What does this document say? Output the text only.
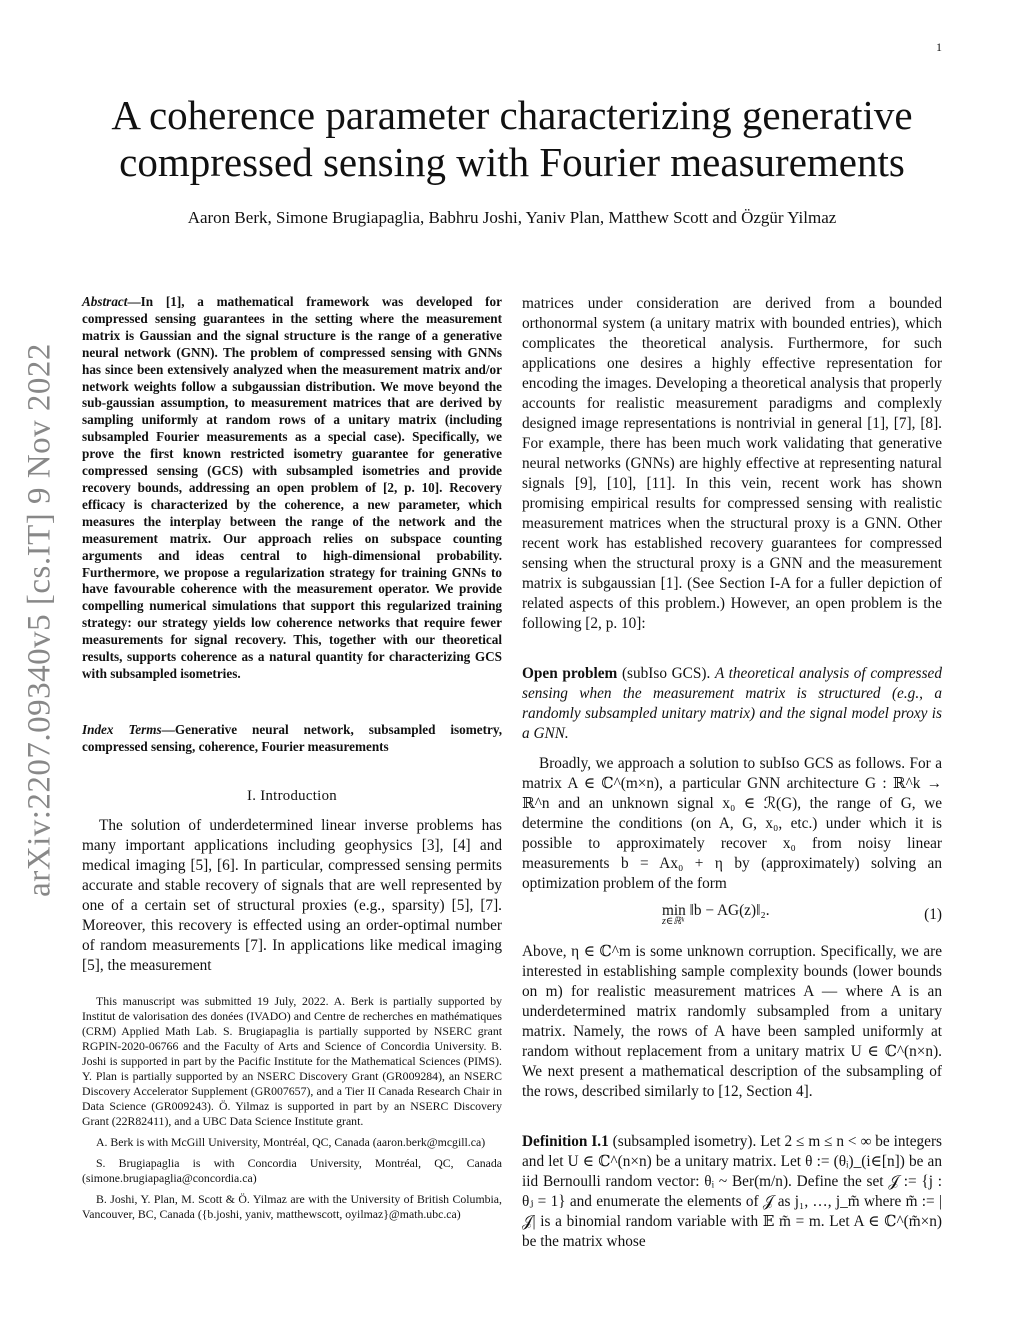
1
arXiv:2207.09340v5 [cs.IT] 9 Nov 2022
A coherence parameter characterizing generative
compressed sensing with Fourier measurements
Aaron Berk, Simone Brugiapaglia, Babhru Joshi, Yaniv Plan, Matthew Scott and Özgür Yilmaz
Abstract—In [1], a mathematical framework was developed for compressed sensing guarantees in the setting where the measurement matrix is Gaussian and the signal structure is the range of a generative neural network (GNN). The problem of compressed sensing with GNNs has since been extensively analyzed when the measurement matrix and/or network weights follow a subgaussian distribution. We move beyond the sub-gaussian assumption, to measurement matrices that are derived by sampling uniformly at random rows of a unitary matrix (including subsampled Fourier measurements as a special case). Specifically, we prove the first known restricted isometry guarantee for generative compressed sensing (GCS) with subsampled isometries and provide recovery bounds, addressing an open problem of [2, p. 10]. Recovery efficacy is characterized by the coherence, a new parameter, which measures the interplay between the range of the network and the measurement matrix. Our approach relies on subspace counting arguments and ideas central to high-dimensional probability. Furthermore, we propose a regularization strategy for training GNNs to have favourable coherence with the measurement operator. We provide compelling numerical simulations that support this regularized training strategy: our strategy yields low coherence networks that require fewer measurements for signal recovery. This, together with our theoretical results, supports coherence as a natural quantity for characterizing GCS with subsampled isometries.
Index Terms—Generative neural network, subsampled isometry, compressed sensing, coherence, Fourier measurements
I. Introduction

The solution of underdetermined linear inverse problems has many important applications including geophysics [3], [4] and medical imaging [5], [6]. In particular, compressed sensing permits accurate and stable recovery of signals that are well represented by one of a certain set of structural proxies (e.g., sparsity) [5], [7]. Moreover, this recovery is effected using an order-optimal number of random measurements [7]. In applications like medical imaging [5], the measurement

This manuscript was submitted 19 July, 2022. A. Berk is partially supported by Institut de valorisation des donées (IVADO) and Centre de recherches en mathématiques (CRM) Applied Math Lab. S. Brugiapaglia is partially supported by NSERC grant RGPIN-2020-06766 and the Faculty of Arts and Science of Concordia University. B. Joshi is supported in part by the Pacific Institute for the Mathematical Sciences (PIMS). Y. Plan is partially supported by an NSERC Discovery Grant (GR009284), an NSERC Discovery Accelerator Supplement (GR007657), and a Tier II Canada Research Chair in Data Science (GR009243). Ö. Yilmaz is supported in part by an NSERC Discovery Grant (22R82411), and a UBC Data Science Institute grant.

A. Berk is with McGill University, Montréal, QC, Canada (aaron.berk@mcgill.ca)

S. Brugiapaglia is with Concordia University, Montréal, QC, Canada (simone.brugiapaglia@concordia.ca)

B. Joshi, Y. Plan, M. Scott & Ö. Yilmaz are with the University of British Columbia, Vancouver, BC, Canada ({b.joshi, yaniv, matthewscott, oyilmaz}@math.ubc.ca)

matrices under consideration are derived from a bounded orthonormal system (a unitary matrix with bounded entries), which complicates the theoretical analysis. Furthermore, for such applications one desires a highly effective representation for encoding the images. Developing a theoretical analysis that properly accounts for realistic measurement paradigms and complexly designed image representations is nontrivial in general [1], [7], [8]. For example, there has been much work validating that generative neural networks (GNNs) are highly effective at representing natural signals [9], [10], [11]. In this vein, recent work has shown promising empirical results for compressed sensing with realistic measurement matrices when the structural proxy is a GNN. Other recent work has established recovery guarantees for compressed sensing when the structural proxy is a GNN and the measurement matrix is subgaussian [1]. (See Section I-A for a fuller depiction of related aspects of this problem.) However, an open problem is the following [2, p. 10]:

Open problem (subIso GCS). A theoretical analysis of compressed sensing when the measurement matrix is structured (e.g., a randomly subsampled unitary matrix) and the signal model proxy is a GNN.

Broadly, we approach a solution to subIso GCS as follows. For a matrix A ∈ ℂ^(m×n), a particular GNN architecture G : ℝ^k → ℝ^n and an unknown signal x₀ ∈ ℛ(G), the range of G, we determine the conditions (on A, G, x₀, etc.) under which it is possible to approximately recover x₀ from noisy linear measurements b = Ax₀ + η by (approximately) solving an optimization problem of the form

min ‖b − AG(z)‖₂.
z∈ℝᵏ	(1)

Above, η ∈ ℂ^m is some unknown corruption. Specifically, we are interested in establishing sample complexity bounds (lower bounds on m) for realistic measurement matrices A — where A is an underdetermined matrix randomly subsampled from a unitary matrix. Namely, the rows of A have been sampled uniformly at random without replacement from a unitary matrix U ∈ ℂ^(n×n). We next present a mathematical description of the subsampling of the rows, described similarly to [12, Section 4].

Definition I.1 (subsampled isometry). Let 2 ≤ m ≤ n < ∞ be integers and let U ∈ ℂ^(n×n) be a unitary matrix. Let θ := (θᵢ)_(i∈[n]) be an iid Bernoulli random vector: θᵢ ~ Ber(m/n). Define the set 𝒥 := {j : θⱼ = 1} and enumerate the elements of 𝒥 as j₁, …, j_m̃ where m̃ := |𝒥| is a binomial random variable with 𝔼 m̃ = m. Let A ∈ ℂ^(m̃×n) be the matrix whose
